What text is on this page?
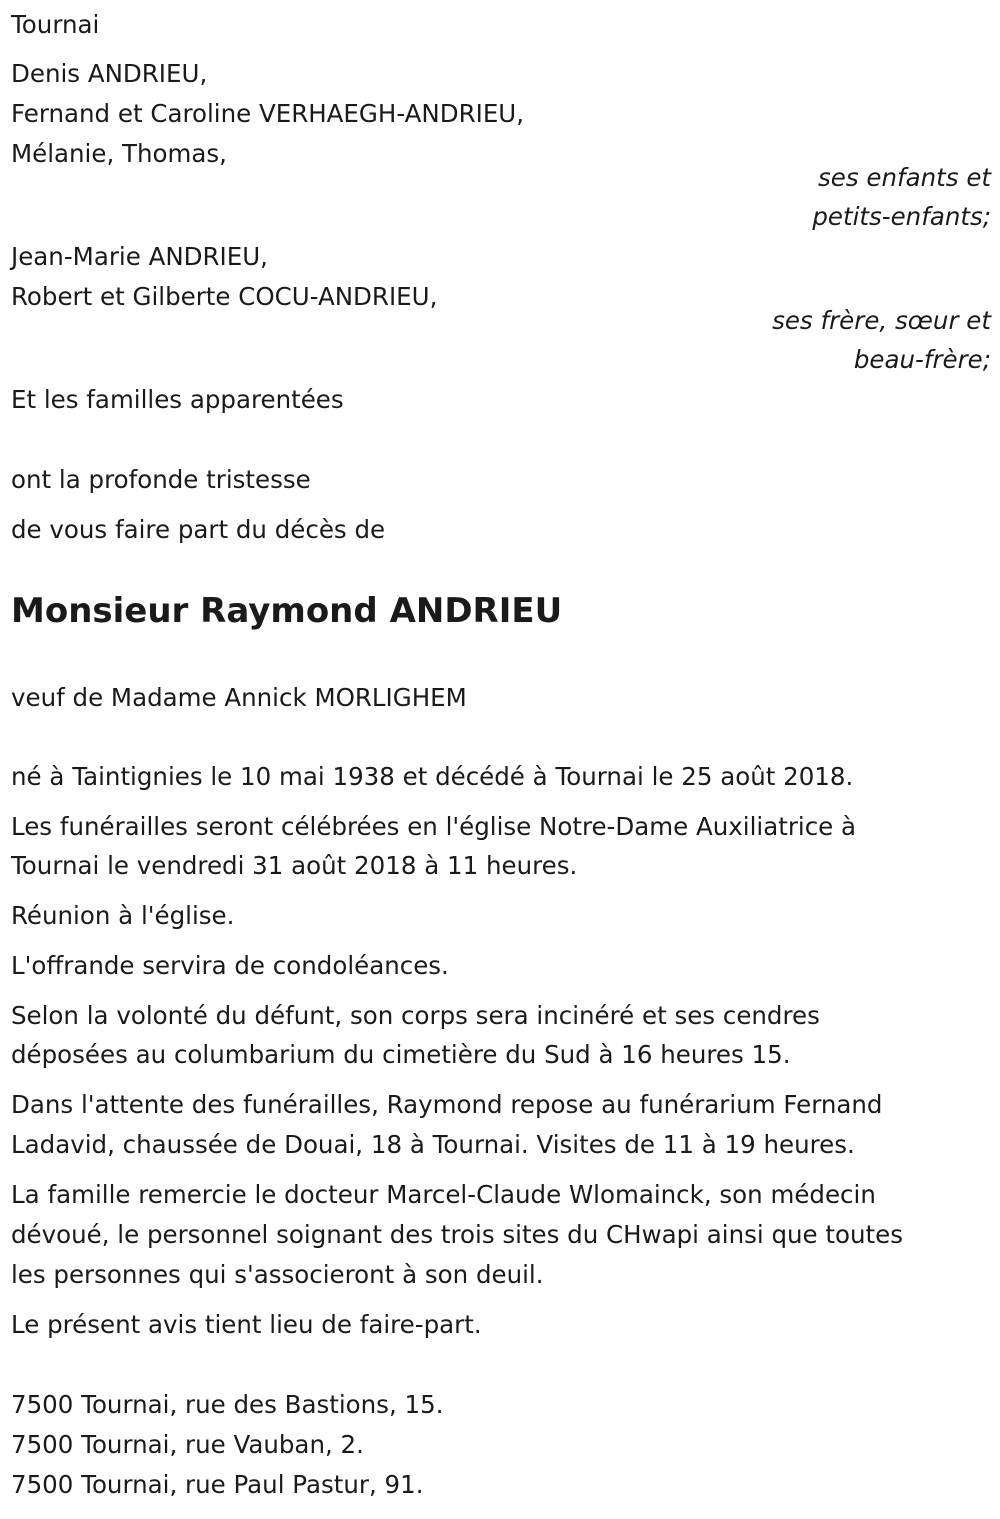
Tournai
Denis ANDRIEU,
Fernand et Caroline VERHAEGH-ANDRIEU,
Mélanie, Thomas,
ses enfants et
petits-enfants;
Jean-Marie ANDRIEU,
Robert et Gilberte COCU-ANDRIEU,
ses frère, sœur et
beau-frère;
Et les familles apparentées
ont la profonde tristesse
de vous faire part du décès de
Monsieur Raymond ANDRIEU
veuf de Madame Annick MORLIGHEM
né à Taintignies le 10 mai 1938 et décédé à Tournai le 25 août 2018.
Les funérailles seront célébrées en l'église Notre-Dame Auxiliatrice à
Tournai le vendredi 31 août 2018 à 11 heures.
Réunion à l'église.
L'offrande servira de condoléances.
Selon la volonté du défunt, son corps sera incinéré et ses cendres
déposées au columbarium du cimetière du Sud à 16 heures 15.
Dans l'attente des funérailles, Raymond repose au funérarium Fernand
Ladavid, chaussée de Douai, 18 à Tournai. Visites de 11 à 19 heures.
La famille remercie le docteur Marcel-Claude Wlomainck, son médecin
dévoué, le personnel soignant des trois sites du CHwapi ainsi que toutes
les personnes qui s'associeront à son deuil.
Le présent avis tient lieu de faire-part.
7500 Tournai, rue des Bastions, 15.
7500 Tournai, rue Vauban, 2.
7500 Tournai, rue Paul Pastur, 91.
